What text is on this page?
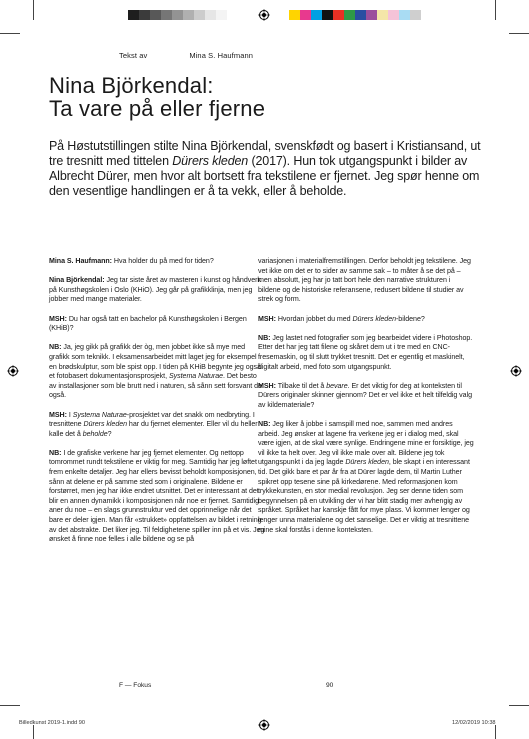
Tekst av	Mina S. Haufmann
Nina Björkendal:
Ta vare på eller fjerne

På Høstutstillingen stilte Nina Björkendal, svenskfødt og basert i Kristiansand, ut tre tresnitt med tittelen Dürers kleden (2017). Hun tok utgangspunkt i bilder av Albrecht Dürer, men hvor alt bortsett fra tekstilene er fjernet. Jeg spør henne om den vesentlige handlingen er å ta vekk, eller å beholde.

Mina S. Haufmann: Hva holder du på med for tiden?

Nina Björkendal: Jeg tar siste året av masteren i kunst og håndverk på Kunsthøgskolen i Oslo (KHiO). Jeg går på grafikklinja, men jeg jobber med mange materialer.

MSH: Du har også tatt en bachelor på Kunsthøgskolen i Bergen (KHiB)?

NB: Ja, jeg gikk på grafikk der òg, men jobbet ikke så mye med grafikk som teknikk. I eksamensarbeidet mitt laget jeg for eksempel en brødskulptur, som ble spist opp. I tiden på KHiB begynte jeg også et fotobasert dokumentasjonsprosjekt, Systema Naturae. Det besto av installasjoner som ble brutt ned i naturen, så sånn sett forsvant de også.

MSH: I Systema Naturae-prosjektet var det snakk om nedbryting. I tresnittene Dürers kleden har du fjernet elementer. Eller vil du heller kalle det å beholde?

NB: I de grafiske verkene har jeg fjernet elementer. Og nettopp tomrommet rundt tekstilene er viktig for meg. Samtidig har jeg løftet frem enkelte detaljer. Jeg har ellers bevisst beholdt komposisjonen, sånn at delene er på samme sted som i originalene. Bildene er forstørret, men jeg har ikke endret utsnittet. Det er interessant at det blir en annen dynamikk i komposisjonen når noe er fjernet. Samtidig aner du noe – en slags grunnstruktur ved det opprinnelige når det bare er deler igjen. Man får «strukket» oppfattelsen av bildet i retning av det abstrakte. Det liker jeg. Til feldighetene spiller inn på et vis. Jeg ønsket å finne noe felles i alle bildene og se på

variasjonen i materialfremstillingen. Derfor beholdt jeg tekstilene. Jeg vet ikke om det er to sider av samme sak – to måter å se det på – men absolutt, jeg har jo tatt bort hele den narrative strukturen i bildene og de historiske referansene, redusert bildene til studier av strek og form.

MSH: Hvordan jobbet du med Dürers kleden-bildene?

NB: Jeg lastet ned fotografier som jeg bearbeidet videre i Photoshop. Etter det har jeg tatt filene og skåret dem ut i tre med en CNC-fresemaskin, og til slutt trykket tresnitt. Det er egentlig et maskinelt, digitalt arbeid, med foto som utgangspunkt.

MSH: Tilbake til det å bevare. Er det viktig for deg at konteksten til Dürers originaler skinner gjennom? Det er vel ikke et helt tilfeldig valg av kildemateriale?

NB: Jeg liker å jobbe i samspill med noe, sammen med andres arbeid. Jeg ønsker at lagene fra verkene jeg er i dialog med, skal være igjen, at de skal være synlige. Endringene mine er forsiktige, jeg vil ikke ta helt over. Jeg vil ikke male over alt. Bildene jeg tok utgangspunkt i da jeg lagde Dürers kleden, ble skapt i en interessant tid. Det gikk bare et par år fra at Dürer lagde dem, til Martin Luther spikret opp tesene sine på kirkedørene. Med reformasjonen kom trykkekunsten, en stor medial revolusjon. Jeg ser denne tiden som begynnelsen på en utvikling der vi har blitt stadig mer avhengig av språket. Språket har kanskje fått for mye plass. Vi kommer lenger og lenger unna materialene og det sanselige. Det er viktig at tresnittene mine skal forstås i denne konteksten.

F — Fokus	90
Billedkunst 2019-1.indd 90	12/02/2019 10:38
